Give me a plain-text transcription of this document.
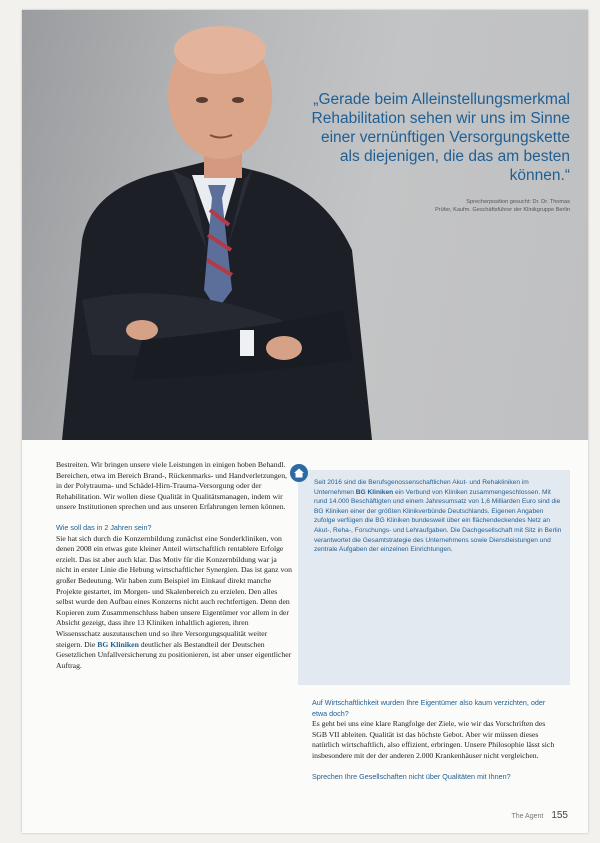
„Gerade beim Alleinstellungsmerkmal Rehabilitation sehen wir uns im Sinne einer vernünftigen Versorgungskette als diejenigen, die das am besten können.“
Sprecherposition gesucht: Dr. Dr. Thomas
Prüfer, Kaufm. Geschäftsführer der Klinikgruppe Berlin

Bestreiten. Wir bringen unsere viele Leistungen in einigen hoben Behandl. Bereichen, etwa im Bereich Brand-, Rückenmarks- und Handverletzungen, in der Polytrauma- und Schädel-Hirn-Trauma-Versorgung oder der Rehabilitation. Wir wollen diese Qualität in Qualitätsmanagen, indem wir unsere Institutionen sprechen und aus unseren Erfahrungen lernen können.

Wie soll das in 2 Jahren sein?

Sie hat sich durch die Konzernbildung zunächst eine Sonderkliniken, von denen 2008 ein etwas gute kleiner Anteil wirtschaftlich rentablere Erfolge erzielt. Das ist aber auch klar. Das Motiv für die Konzernbildung war ja nicht in erster Linie die Hebung wirtschaftlicher Synergien. Das ist ganz von großer Bedeutung. Wir haben zum Beispiel im Einkauf direkt manche Projekte gestartet, im Morgen- und Skalenbereich zu erzielen. Den alles selbst wurde den Aufbau eines Konzerns nicht auch rechtfertigen. Denn den Kopieren zum Zusammenschluss haben unsere Eigentümer vor allem in der Absicht gezeigt, dass ihre 13 Kliniken inhaltlich agieren, ihren Wissensschatz auszutauschen und so ihre Versorgungsqualität weiter steigern. Die BG Kliniken deutlicher als Bestandteil der Deutschen Gesetzlichen Unfallversicherung zu positionieren, ist aber unser eigentlicher Auftrag.

Seit 2016 sind die Berufsgenossenschaftlichen Akut- und Rehakliniken im Unternehmen BG Kliniken ein Verbund von Kliniken zusammengeschlossen. Mit rund 14.000 Beschäftigten und einem Jahresumsatz von 1,6 Milliarden Euro sind die BG Kliniken einer der größten Klinikverbünde Deutschlands. Eigenen Angaben zufolge verfügen die BG Kliniken bundesweit über ein flächendeckendes Netz an Akut-, Reha-, Forschungs- und Lehraufgaben. Die Dachgesellschaft mit Sitz in Berlin verantwortet die Gesamtstrategie des Unternehmens sowie Dienstleistungen und zentrale Aufgaben der einzelnen Einrichtungen.
Auf Wirtschaftlichkeit wurden Ihre Eigentümer also kaum verzichten, oder etwa doch?

Es geht bei uns eine klare Rangfolge der Ziele, wie wir das Vorschriften des SGB VII ableiten. Qualität ist das höchste Gebot. Aber wir müssen dieses natürlich wirtschaftlich, also effizient, erbringen. Unsere Philosophie lässt sich insbesondere mit der der anderen 2.000 Krankenhäuser nicht vergleichen.

Sprechen Ihre Gesellschaften nicht über Qualitäten mit Ihnen?
The Agent 155
